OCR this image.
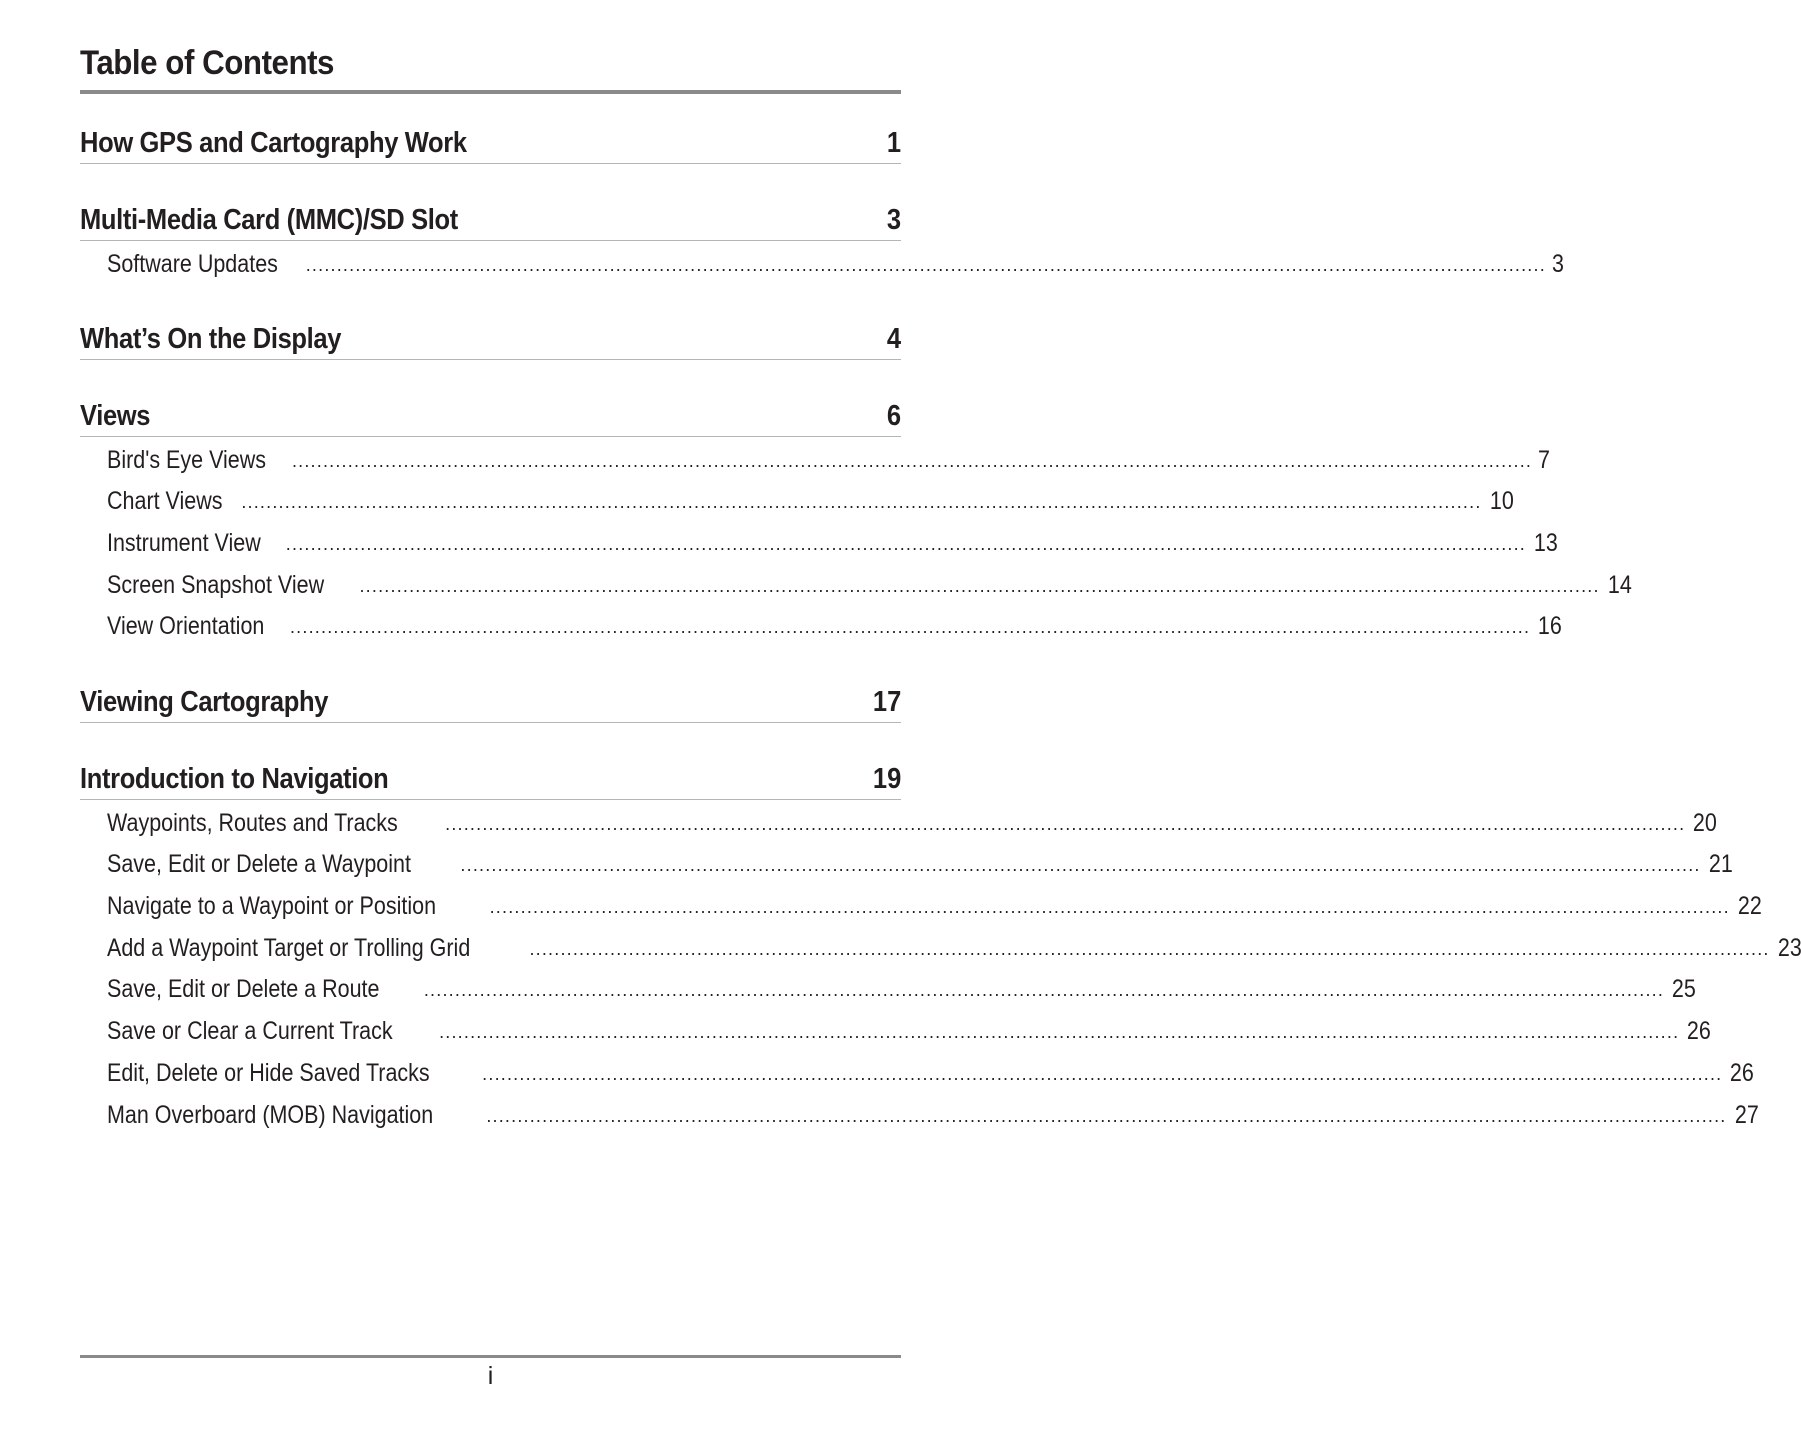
Table of Contents
How GPS and Cartography Work	1
Multi-Media Card (MMC)/SD Slot	3
Software Updates ........................................................................................................................................................................................................ 3
What’s On the Display	4
Views	6
Bird's Eye Views ........................................................................................................................................................................................................ 7
Chart Views ........................................................................................................................................................................................................ 10
Instrument View ........................................................................................................................................................................................................ 13
Screen Snapshot View ........................................................................................................................................................................................................ 14
View Orientation ........................................................................................................................................................................................................ 16
Viewing Cartography	17
Introduction to Navigation	19
Waypoints, Routes and Tracks	........................................................................................................................................................................................................ 20
Save, Edit or Delete a Waypoint	........................................................................................................................................................................................................ 21
Navigate to a Waypoint or Position	........................................................................................................................................................................................................ 22
Add a Waypoint Target or Trolling Grid	........................................................................................................................................................................................................ 23
Save, Edit or Delete a Route ........................................................................................................................................................................................................ 25
Save or Clear a Current Track	........................................................................................................................................................................................................ 26
Edit, Delete or Hide Saved Tracks	........................................................................................................................................................................................................ 26
Man Overboard (MOB) Navigation	........................................................................................................................................................................................................ 27
i
